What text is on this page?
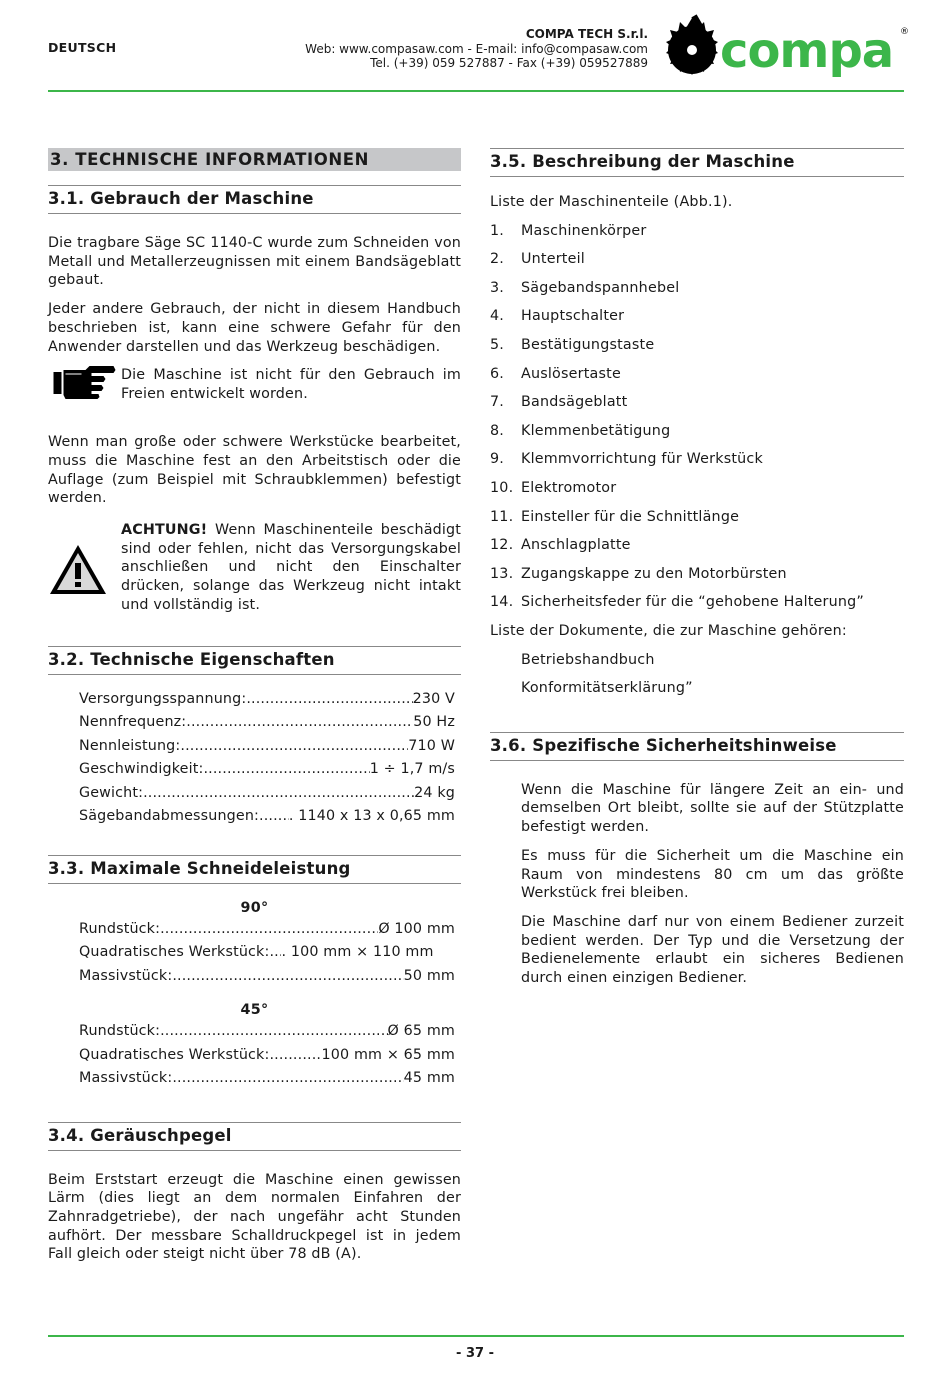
DEUTSCH
COMPA TECH S.r.l.
Web: www.compasaw.com - E-mail: info@compasaw.com
Tel. (+39) 059 527887 - Fax (+39) 059527889 compa ®
3. TECHNISCHE INFORMATIONEN
3.1. Gebrauch der Maschine

Die tragbare Säge SC 1140-C wurde zum Schneiden von Metall und Metallerzeugnissen mit einem Bandsägeblatt gebaut.

Jeder andere Gebrauch, der nicht in diesem Handbuch beschrieben ist, kann eine schwere Gefahr für den Anwender darstellen und das Werkzeug beschädigen.

Die Maschine ist nicht für den Gebrauch im Freien entwickelt worden.

Wenn man große oder schwere Werkstücke bearbeitet, muss die Maschine fest an den Arbeitstisch oder die Auflage (zum Beispiel mit Schraubklemmen) befestigt werden.

ACHTUNG! Wenn Maschinenteile beschädigt sind oder fehlen, nicht das Versorgungskabel anschließen und nicht den Einschalter drücken, solange das Werkzeug nicht intakt und vollständig ist.

3.2. Technische Eigenschaften
Versorgungsspannung: .....	230 V
Nennfrequenz: .....	50 Hz
Nennleistung: .....	710 W
Geschwindigkeit: .....	1 ÷ 1,7 m/s
Gewicht: .....	24 kg
Sägebandabmessungen: ..... . 1140 x 13 x 0,65 mm
3.3. Maximale Schneideleistung
90°
Rundstück: .....	Ø 100 mm
Quadratisches Werkstück: ..... . 100 mm × 110 mm
Massivstück: .....	50 mm
45°
Rundstück: .....	Ø 65 mm
Quadratisches Werkstück: .....	100 mm × 65 mm
Massivstück: .....	45 mm
3.4. Geräuschpegel

Beim Erststart erzeugt die Maschine einen gewissen Lärm (dies liegt an dem normalen Einfahren der Zahnradgetriebe), der nach ungefähr acht Stunden aufhört. Der messbare Schalldruckpegel ist in jedem Fall gleich oder steigt nicht über 78 dB (A).

3.5. Beschreibung der Maschine
Liste der Maschinenteile (Abb.1).
1.	Maschinenkörper
2.	Unterteil
3.	Sägebandspannhebel
4.	Hauptschalter
5.	Bestätigungstaste
6.	Auslösertaste
7.	Bandsägeblatt
8.	Klemmenbetätigung
9.	Klemmvorrichtung für Werkstück
10. Elektromotor
11. Einsteller für die Schnittlänge
12. Anschlagplatte
13. Zugangskappe zu den Motorbürsten
14. Sicherheitsfeder für die “gehobene Halterung”
Liste der Dokumente, die zur Maschine gehören:
Betriebshandbuch
Konformitätserklärung”
3.6. Spezifische Sicherheitshinweise

Wenn die Maschine für längere Zeit an ein- und demselben Ort bleibt, sollte sie auf der Stützplatte befestigt werden.

Es muss für die Sicherheit um die Maschine ein Raum von mindestens 80 cm um das größte Werkstück frei bleiben.

Die Maschine darf nur von einem Bediener zurzeit bedient werden. Der Typ und die Versetzung der Bedienelemente erlaubt ein sicheres Bedienen durch einen einzigen Bediener.

- 37 -
